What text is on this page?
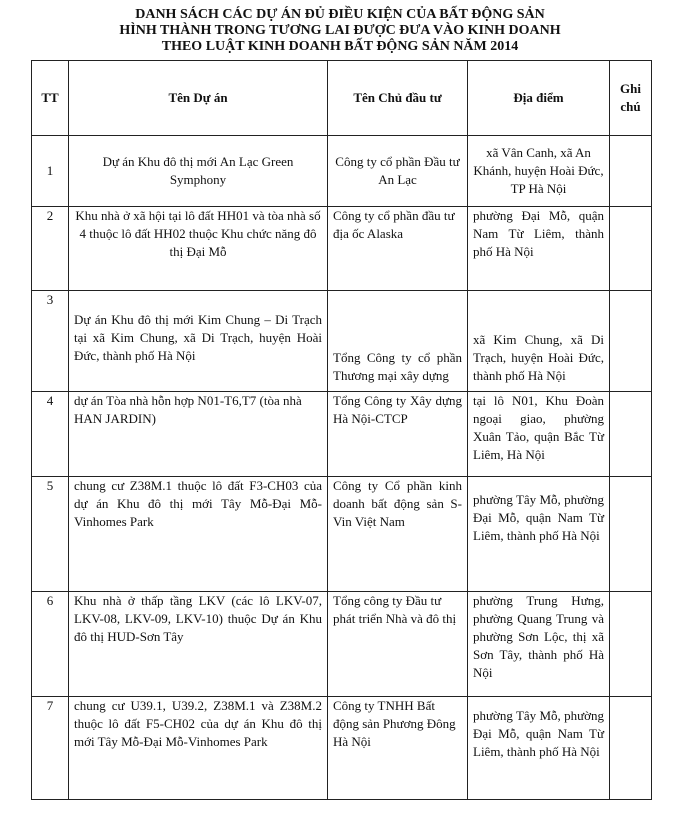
DANH SÁCH CÁC DỰ ÁN ĐỦ ĐIỀU KIỆN CỦA BẤT ĐỘNG SẢN
HÌNH THÀNH TRONG TƯƠNG LAI ĐƯỢC ĐƯA VÀO KINH DOANH
THEO LUẬT KINH DOANH BẤT ĐỘNG SẢN NĂM 2014
TT	Tên Dự án	Tên Chủ đầu tư	Địa điểm	Ghi chú
1	Dự án Khu đô thị mới An Lạc Green Symphony	Công ty cổ phần Đầu tư An Lạc	xã Vân Canh, xã An Khánh, huyện Hoài Đức, TP Hà Nội	
2	Khu nhà ở xã hội tại lô đất HH01 và tòa nhà số 4 thuộc lô đất HH02 thuộc Khu chức năng đô thị Đại Mỗ	Công ty cổ phần đầu tư địa ốc Alaska	phường Đại Mỗ, quận Nam Từ Liêm, thành phố Hà Nội	
3	Dự án Khu đô thị mới Kim Chung – Di Trạch tại xã Kim Chung, xã Di Trạch, huyện Hoài Đức, thành phố Hà Nội	Tổng Công ty cổ phần Thương mại xây dựng	xã Kim Chung, xã Di Trạch, huyện Hoài Đức, thành phố Hà Nội	
4	dự án Tòa nhà hỗn hợp N01-T6,T7 (tòa nhà HAN JARDIN)	Tổng Công ty Xây dựng Hà Nội-CTCP	tại lô N01, Khu Đoàn ngoại giao, phường Xuân Tảo, quận Bắc Từ Liêm, Hà Nội	
5	chung cư Z38M.1 thuộc lô đất F3-CH03 của dự án Khu đô thị mới Tây Mỗ-Đại Mỗ-Vinhomes Park	Công ty Cổ phần kinh doanh bất động sản S-Vin Việt Nam	phường Tây Mỗ, phường Đại Mỗ, quận Nam Từ Liêm, thành phố Hà Nội	
6	Khu nhà ở thấp tầng LKV (các lô LKV-07, LKV-08, LKV-09, LKV-10) thuộc Dự án Khu đô thị HUD-Sơn Tây	Tổng công ty Đầu tư phát triển Nhà và đô thị	phường Trung Hưng, phường Quang Trung và phường Sơn Lộc, thị xã Sơn Tây, thành phố Hà Nội	
7	chung cư U39.1, U39.2, Z38M.1 và Z38M.2 thuộc lô đất F5-CH02 của dự án Khu đô thị mới Tây Mỗ-Đại Mỗ-Vinhomes Park	Công ty TNHH Bất động sản Phương Đông Hà Nội	phường Tây Mỗ, phường Đại Mỗ, quận Nam Từ Liêm, thành phố Hà Nội	
